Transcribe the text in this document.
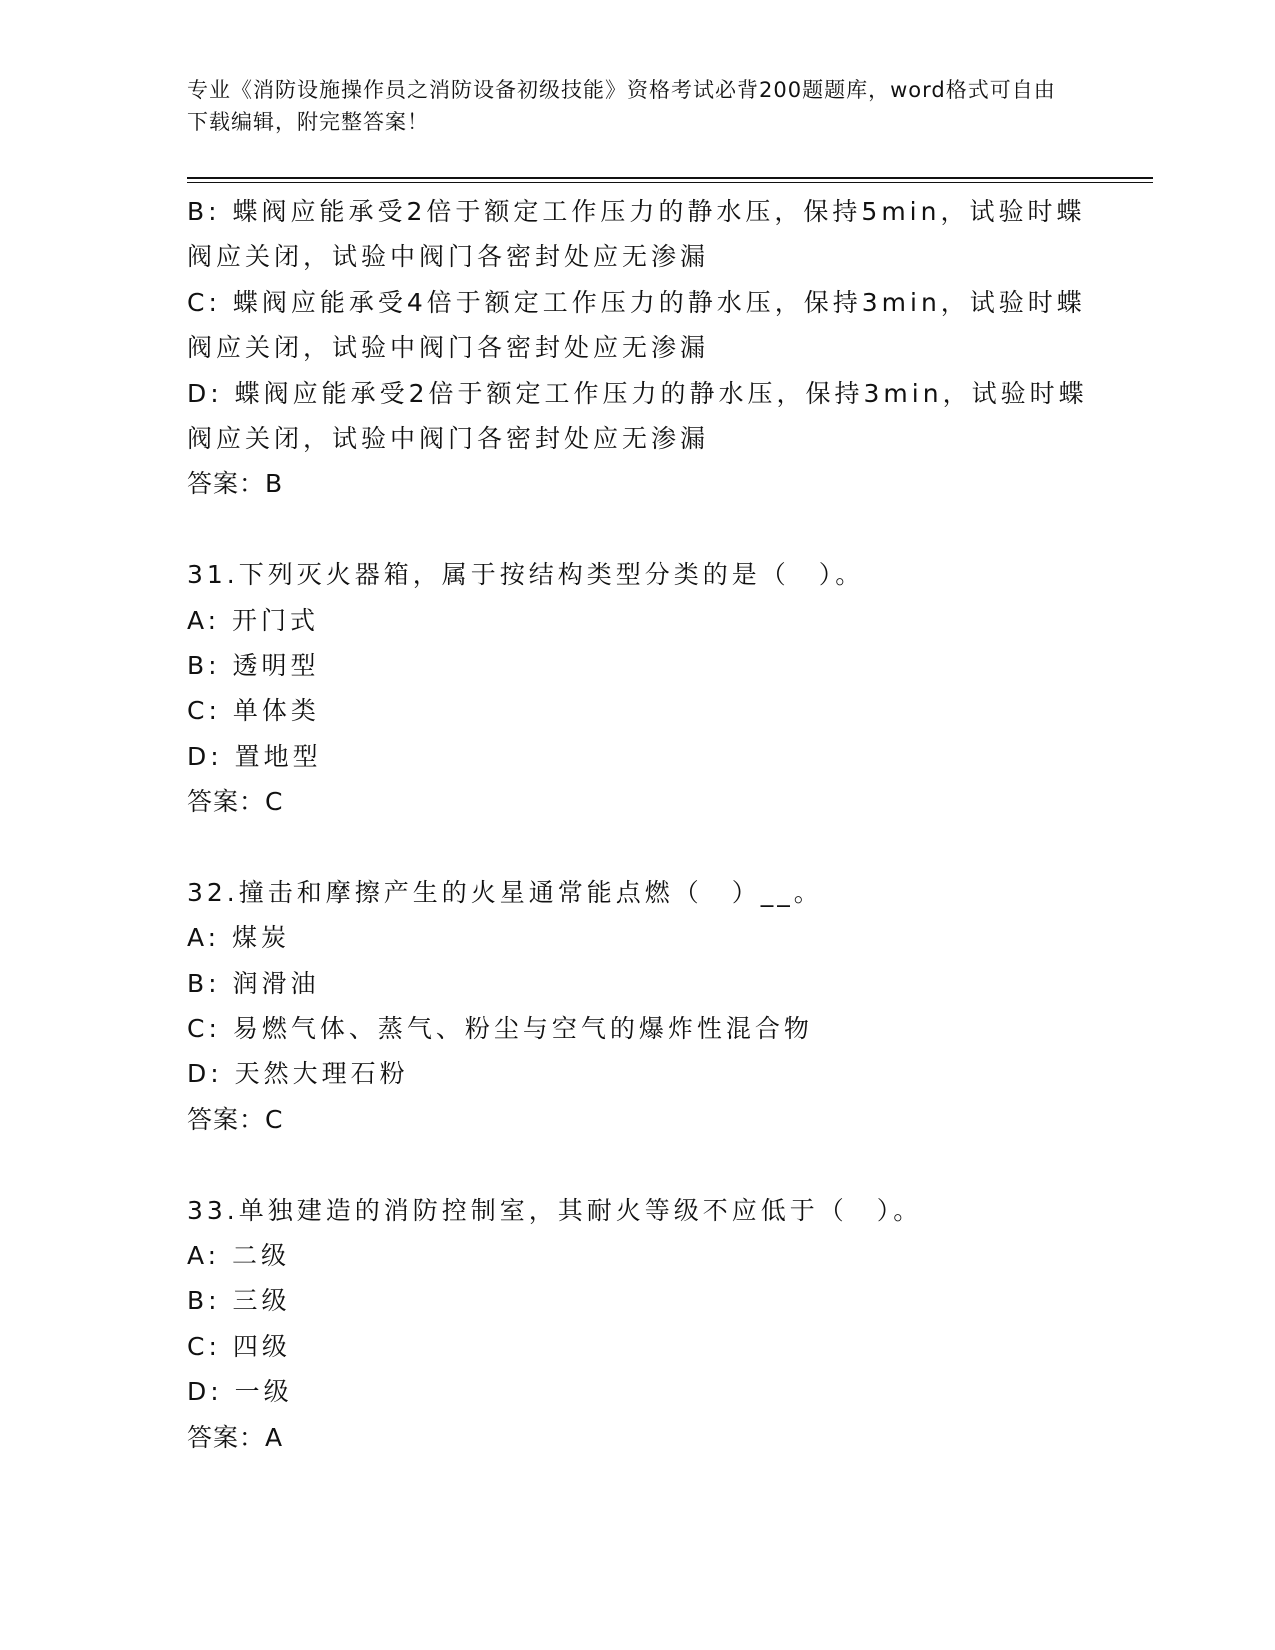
专业《消防设施操作员之消防设备初级技能》资格考试必背200题题库，word格式可自由下载编辑，附完整答案！
B: 蝶阀应能承受2倍于额定工作压力的静水压，保持5min，试验时蝶
阀应关闭，试验中阀门各密封处应无渗漏
C: 蝶阀应能承受4倍于额定工作压力的静水压，保持3min，试验时蝶
阀应关闭，试验中阀门各密封处应无渗漏
D: 蝶阀应能承受2倍于额定工作压力的静水压，保持3min，试验时蝶
阀应关闭，试验中阀门各密封处应无渗漏
答案：B
31.下列灭火器箱，属于按结构类型分类的是（　）。
A: 开门式
B: 透明型
C: 单体类
D: 置地型
答案：C
32.撞击和摩擦产生的火星通常能点燃（　）__。
A: 煤炭
B: 润滑油
C: 易燃气体、蒸气、粉尘与空气的爆炸性混合物
D: 天然大理石粉
答案：C
33.单独建造的消防控制室，其耐火等级不应低于（　）。
A: 二级
B: 三级
C: 四级
D: 一级
答案：A
